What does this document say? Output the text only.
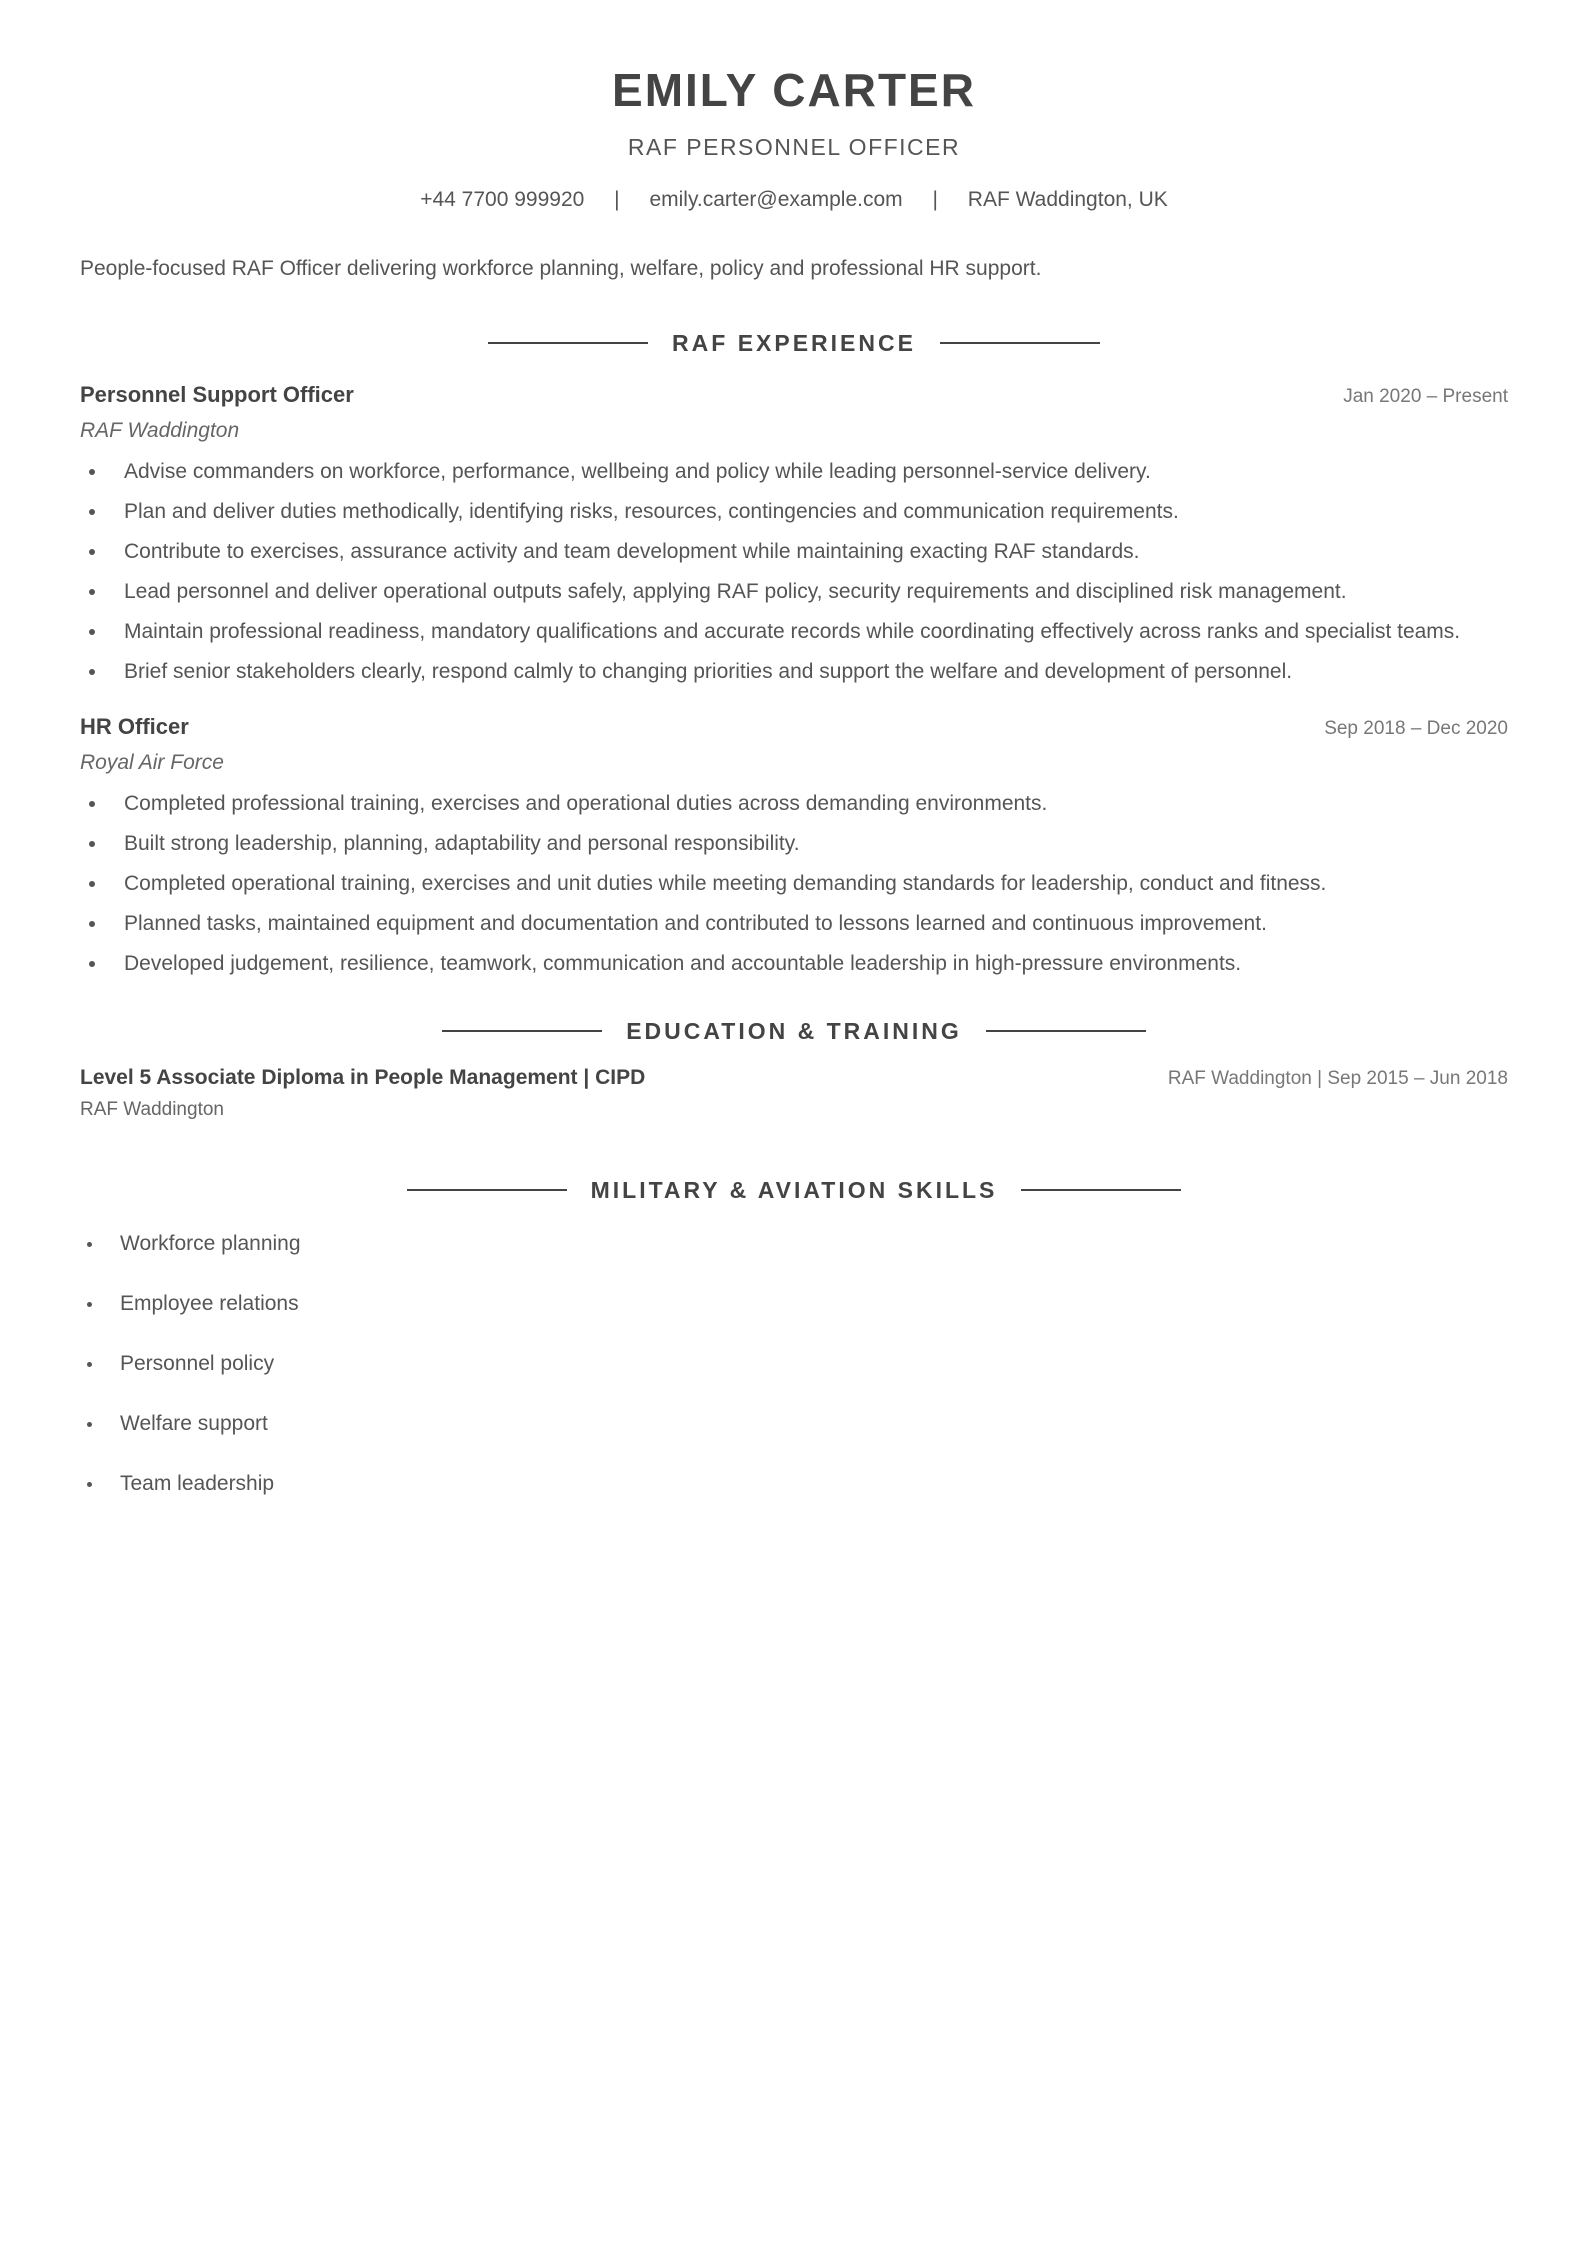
EMILY CARTER
RAF PERSONNEL OFFICER
+44 7700 999920 | emily.carter@example.com | RAF Waddington, UK
People-focused RAF Officer delivering workforce planning, welfare, policy and professional HR support.
RAF EXPERIENCE
Personnel Support Officer	Jan 2020 – Present
RAF Waddington
Advise commanders on workforce, performance, wellbeing and policy while leading personnel-service delivery.
Plan and deliver duties methodically, identifying risks, resources, contingencies and communication requirements.
Contribute to exercises, assurance activity and team development while maintaining exacting RAF standards.
Lead personnel and deliver operational outputs safely, applying RAF policy, security requirements and disciplined risk management.
Maintain professional readiness, mandatory qualifications and accurate records while coordinating effectively across ranks and specialist teams.
Brief senior stakeholders clearly, respond calmly to changing priorities and support the welfare and development of personnel.
HR Officer	Sep 2018 – Dec 2020
Royal Air Force
Completed professional training, exercises and operational duties across demanding environments.
Built strong leadership, planning, adaptability and personal responsibility.
Completed operational training, exercises and unit duties while meeting demanding standards for leadership, conduct and fitness.
Planned tasks, maintained equipment and documentation and contributed to lessons learned and continuous improvement.
Developed judgement, resilience, teamwork, communication and accountable leadership in high-pressure environments.
EDUCATION & TRAINING
Level 5 Associate Diploma in People Management | CIPD	RAF Waddington | Sep 2015 – Jun 2018
RAF Waddington
MILITARY & AVIATION SKILLS
Workforce planning
Employee relations
Personnel policy
Welfare support
Team leadership
